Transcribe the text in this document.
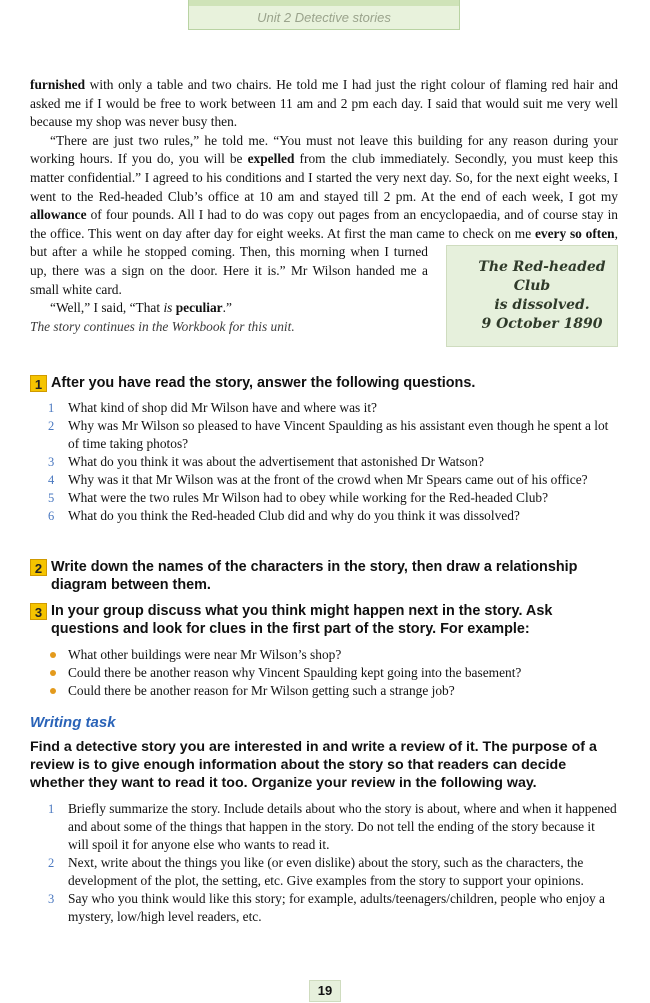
Unit 2 Detective stories

furnished with only a table and two chairs. He told me I had just the right colour of flaming red hair and asked me if I would be free to work between 11 am and 2 pm each day. I said that would suit me very well because my shop was never busy then.

“There are just two rules,” he told me. “You must not leave this building for any reason during your working hours. If you do, you will be expelled from the club immediately. Secondly, you must keep this matter confidential.” I agreed to his conditions and I started the very next day. So, for the next eight weeks, I went to the Red-headed Club’s office at 10 am and stayed till 2 pm. At the end of each week, I got my allowance of four pounds. All I had to do was copy out pages from an encyclopaedia, and of course stay in the office. This went on day after day for eight weeks. At first the man came to check on me
The Red-headed Club
is dissolved.
9 October 1890
every so often, but after a while he stopped coming. Then, this morning when I turned up, there was a sign on the door. Here it is.” Mr Wilson handed me a small white card.

“Well,” I said, “That is peculiar.”

The story continues in the Workbook for this unit.

1 After you have read the story, answer the following questions.
1 What kind of shop did Mr Wilson have and where was it?
2 Why was Mr Wilson so pleased to have Vincent Spaulding as his assistant even though he spent a lot of time taking photos?
3 What do you think it was about the advertisement that astonished Dr Watson?
4 Why was it that Mr Wilson was at the front of the crowd when Mr Spears came out of his office?
5 What were the two rules Mr Wilson had to obey while working for the Red-headed Club?
6 What do you think the Red-headed Club did and why do you think it was dissolved?
2 Write down the names of the characters in the story, then draw a relationship diagram between them.
3 In your group discuss what you think might happen next in the story. Ask questions and look for clues in the first part of the story. For example:
What other buildings were near Mr Wilson’s shop?
Could there be another reason why Vincent Spaulding kept going into the basement?
Could there be another reason for Mr Wilson getting such a strange job?
Writing task
Find a detective story you are interested in and write a review of it. The purpose of a review is to give enough information about the story so that readers can decide whether they want to read it too. Organize your review in the following way.
1 Briefly summarize the story. Include details about who the story is about, where and when it happened and about some of the things that happen in the story. Do not tell the ending of the story because it will spoil it for anyone else who wants to read it.
2 Next, write about the things you like (or even dislike) about the story, such as the characters, the development of the plot, the setting, etc. Give examples from the story to support your opinions.
3 Say who you think would like this story; for example, adults/teenagers/children, people who enjoy a mystery, low/high level readers, etc.
19
